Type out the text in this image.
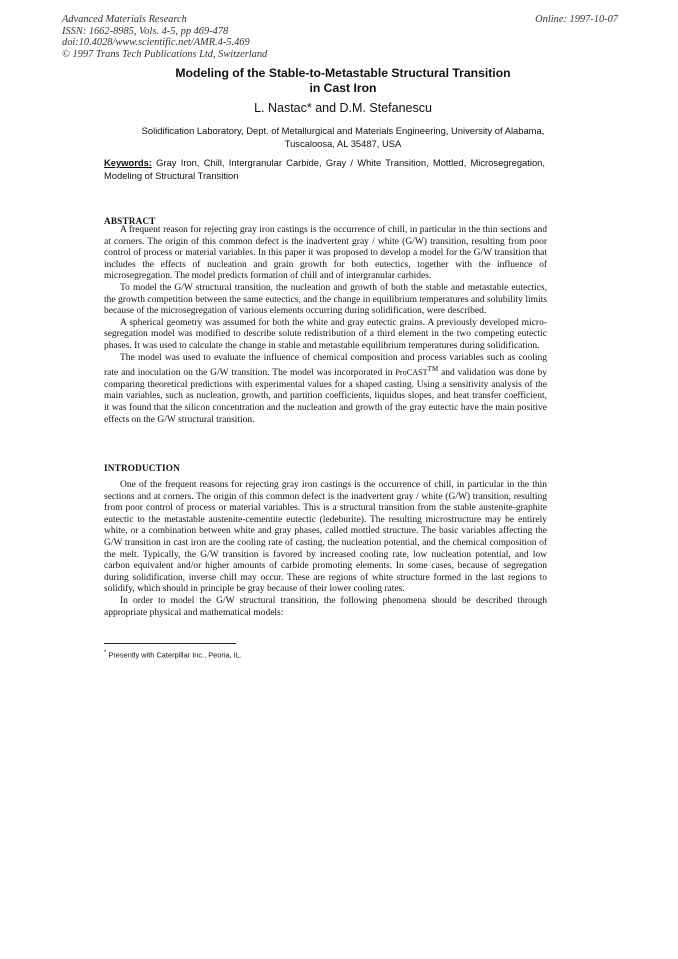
Advanced Materials Research
ISSN: 1662-8985, Vols. 4-5, pp 469-478
doi:10.4028/www.scientific.net/AMR.4-5.469
© 1997 Trans Tech Publications Ltd, Switzerland
Online: 1997-10-07
Modeling of the Stable-to-Metastable Structural Transition
in Cast Iron
L. Nastac* and D.M. Stefanescu
Solidification Laboratory, Dept. of Metallurgical and Materials Engineering, University of Alabama,
Tuscaloosa, AL 35487, USA
Keywords: Gray Iron, Chill, Intergranular Carbide, Gray / White Transition, Mottled, Microsegregation, Modeling of Structural Transition
ABSTRACT

A frequent reason for rejecting gray iron castings is the occurrence of chill, in particular in the thin sections and at corners. The origin of this common defect is the inadvertent gray / white (G/W) transition, resulting from poor control of process or material variables. In this paper it was proposed to develop a model for the G/W transition that includes the effects of nucleation and grain growth for both eutectics, together with the influence of microsegregation. The model predicts formation of chill and of intergranular carbides.

To model the G/W structural transition, the nucleation and growth of both the stable and metastable eutectics, the growth competition between the same eutectics, and the change in equilibrium temperatures and solubility limits because of the microsegregation of various elements occurring during solidification, were described.

A spherical geometry was assumed for both the white and gray eutectic grains. A previously developed micro-segregation model was modified to describe solute redistribution of a third element in the two competing eutectic phases. It was used to calculate the change in stable and metastable equilibrium temperatures during solidification.

The model was used to evaluate the influence of chemical composition and process variables such as cooling rate and inoculation on the G/W transition. The model was incorporated in ProCAST™ and validation was done by comparing theoretical predictions with experimental values for a shaped casting. Using a sensitivity analysis of the main variables, such as nucleation, growth, and partition coefficients, liquidus slopes, and heat transfer coefficient, it was found that the silicon concentration and the nucleation and growth of the gray eutectic have the main positive effects on the G/W structural transition.

INTRODUCTION

One of the frequent reasons for rejecting gray iron castings is the occurrence of chill, in particular in the thin sections and at corners. The origin of this common defect is the inadvertent gray / white (G/W) transition, resulting from poor control of process or material variables. This is a structural transition from the stable austenite-graphite eutectic to the metastable austenite-cementite eutectic (ledeburite). The resulting microstructure may be entirely white, or a combination between white and gray phases, called mottled structure. The basic variables affecting the G/W transition in cast iron are the cooling rate of casting, the nucleation potential, and the chemical composition of the melt. Typically, the G/W transition is favored by increased cooling rate, low nucleation potential, and low carbon equivalent and/or higher amounts of carbide promoting elements. In some cases, because of segregation during solidification, inverse chill may occur. These are regions of white structure formed in the last regions to solidify, which should in principle be gray because of their lower cooling rates.

In order to model the G/W structural transition, the following phenomena should be described through appropriate physical and mathematical models:

* Presently with Caterpillar Inc., Peoria, IL.
